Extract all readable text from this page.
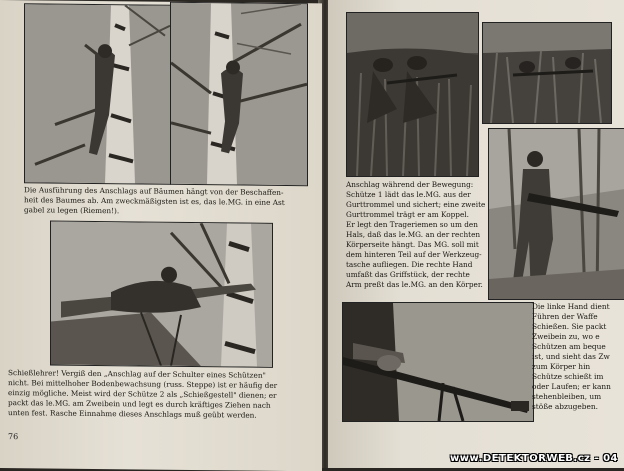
Die Ausführung des Anschlags auf Bäumen hängt von der Beschaffen-
heit des Baumes ab. Am zweckmäßigsten ist es, das le.MG. in eine Ast
gabel zu legen (Riemen!).
Schießlehrer! Vergiß den „Anschlag auf der Schulter eines Schützen"
nicht. Bei mittelhoher Bodenbewachsung (russ. Steppe) ist er häufig der
einzig mögliche. Meist wird der Schütze 2 als „Schießgestell" dienen; er
packt das le.MG. am Zweibein und legt es durch kräftiges Ziehen nach
unten fest. Rasche Einnahme dieses Anschlags muß geübt werden.
76
Anschlag während der Bewegung:
Schütze 1 lädt das le.MG. aus der
Gurttrommel und sichert; eine zweite
Gurttrommel trägt er am Koppel.
Er legt den Trageriemen so um den
Hals, daß das le.MG. an der rechten
Körperseite hängt. Das MG. soll mit
dem hinteren Teil auf der Werkzeug-
tasche aufliegen. Die rechte Hand
umfaßt das Griffstück, der rechte
Arm preßt das le.MG. an den Körper.
Die linke Hand dient
Führen der Waffe
Schießen. Sie packt
Zweibein zu, wo e
Schützen am beque
ist, und sieht das Zw
zum Körper hin
Schütze schießt im
oder Laufen; er kann
stehenbleiben, um
stöße abzugeben.
www.DETEKTORWEB.cz - 04
